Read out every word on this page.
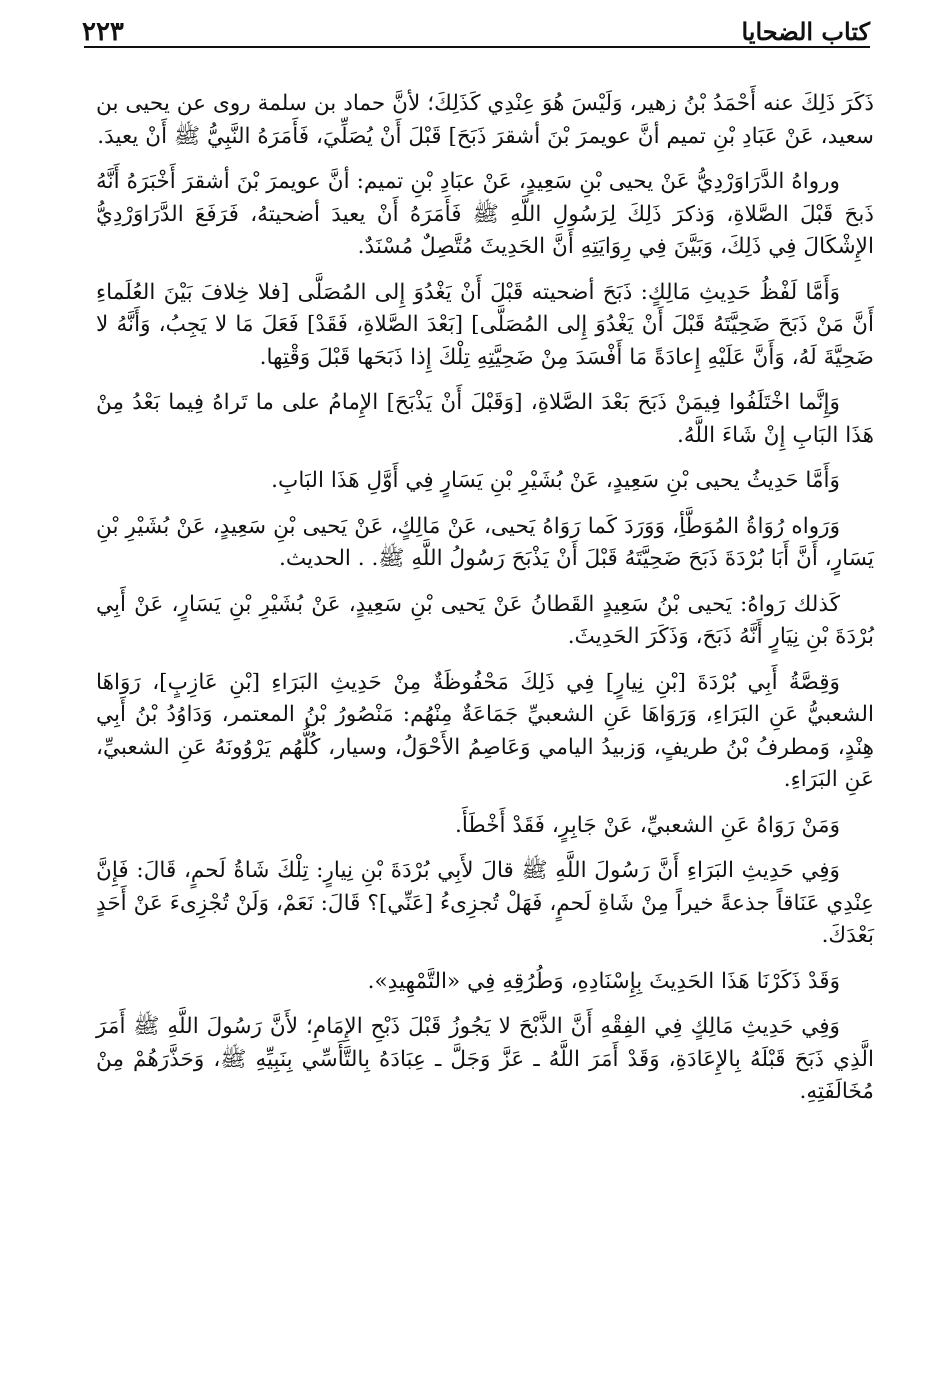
كتاب الضحايا
٢٢٣

ذَكَرَ ذَلِكَ عنه أَحْمَدُ بْنُ زهير، وَلَيْسَ هُوَ عِنْدِي كَذَلِكَ؛ لأنَّ حماد بن سلمة روى عن يحيى بن سعيد، عَنْ عَبَادِ بْنِ تميم أنَّ عويمرَ بْنَ أشقرَ ذَبَحَ] قَبْلَ أَنْ يُصَلِّيَ، فَأَمَرَهُ النَّبِيُّ ﷺ أَنْ يعيدَ.

ورواهُ الدَّرَاوَرْدِيُّ عَنْ يحيى بْنِ سَعِيدٍ، عَنْ عبَادِ بْنِ تميم: أنَّ عويمرَ بْنَ أشقرَ أَخْبَرَهُ أَنَّهُ ذَبحَ قَبْلَ الصَّلاةِ، وَذكرَ ذَلِكَ لِرَسُولِ اللَّهِ ﷺ فَأَمَرَهُ أَنْ يعيدَ أضحيتهُ، فَرَفَعَ الدَّرَاوَرْدِيُّ الإِشْكَالَ فِي ذَلِكَ، وَبَيَّنَ فِي رِوَايَتِهِ أَنَّ الحَدِيثَ مُتَّصِلٌ مُسْنَدٌ.

وَأَمَّا لَفْظُ حَدِيثِ مَالِكٍ: ذَبَحَ أضحيته قَبْلَ أَنْ يَغْدُوَ إِلى المُصَلَّى [فلا خِلافَ بَيْنَ العُلَماءِ أَنَّ مَنْ ذَبَحَ ضَحِيَّتَهُ قَبْلَ أَنْ يَغْدُوَ إِلى المُصَلَّى] [بَعْدَ الصَّلاةِ، فَقَدْ] فَعَلَ مَا لا يَجِبُ، وَأَنَّهُ لا ضَحِيَّةَ لَهُ، وَأَنَّ عَلَيْهِ إِعادَةً مَا أَفْسَدَ مِنْ ضَحِيَّتِهِ تِلْكَ إِذا ذَبَحَها قَبْلَ وَقْتِها.

وَإِنَّما اخْتَلَفُوا فِيمَنْ ذَبَحَ بَعْدَ الصَّلاةِ، [وَقَبْلَ أَنْ يَذْبَحَ] الإِمامُ على ما تَراهُ فِيما بَعْدُ مِنْ هَذَا البَابِ إِنْ شَاءَ اللَّهُ.

وَأَمَّا حَدِيثُ يحيى بْنِ سَعِيدٍ، عَنْ بُشَيْرِ بْنِ يَسَارٍ فِي أَوَّلِ هَذَا البَابِ.

وَرَواه رُوَاةُ المُوَطَّأِ، وَوَرَدَ كَما رَوَاهُ يَحيى، عَنْ مَالِكٍ، عَنْ يَحيى بْنِ سَعِيدٍ، عَنْ بُشَيْرِ بْنِ يَسَارٍ، أَنَّ أَبَا بُرْدَةَ ذَبَحَ ضَحِيَّتَهُ قَبْلَ أَنْ يَذْبَحَ رَسُولُ اللَّهِ ﷺ. . الحديث.

كَذلك رَواهُ: يَحيى بْنُ سَعِيدٍ القَطانُ عَنْ يَحيى بْنِ سَعِيدٍ، عَنْ بُشَيْرِ بْنِ يَسَارٍ، عَنْ أَبِي بُرْدَةَ بْنِ نِيَارٍ أَنَّهُ ذَبَحَ، وَذَكَرَ الحَدِيثَ.

وَقِصَّةُ أَبِي بُرْدَةَ [بْنِ نِيارٍ] فِي ذَلِكَ مَحْفُوظَةٌ مِنْ حَدِيثِ البَرَاءِ [بْنِ عَازِبٍ]، رَوَاهَا الشعبيُّ عَنِ البَرَاءِ، وَرَوَاهَا عَنِ الشعبيِّ جَمَاعَةٌ مِنْهُم: مَنْصُورُ بْنُ المعتمر، وَدَاوُدُ بْنُ أَبِي هِنْدٍ، وَمطرفُ بْنُ طريفٍ، وَزبيدُ اليامي وَعَاصِمُ الأَحْوَلُ، وسيار، كُلُّهُم يَرْوُونَهُ عَنِ الشعبيِّ، عَنِ البَرَاءِ.

وَمَنْ رَوَاهُ عَنِ الشعبيِّ، عَنْ جَابِرٍ، فَقَدْ أَخْطَأَ.

وَفِي حَدِيثِ البَرَاءِ أَنَّ رَسُولَ اللَّهِ ﷺ قالَ لأَبِي بُرْدَةَ بْنِ نِيارٍ: تِلْكَ شَاةُ لَحمٍ، قَالَ: فَإِنَّ عِنْدِي عَنَاقاً جذعةً خيراً مِنْ شَاةِ لَحمٍ، فَهَلْ تُجزِىءُ [عَنِّي]؟ قَالَ: نَعَمْ، وَلَنْ تُجْزِىءَ عَنْ أَحَدٍ بَعْدَكَ.

وَقَدْ ذَكَرْنَا هَذَا الحَدِيثَ بِإِسْنَادِهِ، وَطُرُقِهِ فِي «التَّمْهِيدِ».

وَفِي حَدِيثِ مَالِكٍ فِي الفِقْهِ أَنَّ الذَّبْحَ لا يَجُوزُ قَبْلَ ذَبْحِ الإِمَامِ؛ لأَنَّ رَسُولَ اللَّهِ ﷺ أَمَرَ الَّذِي ذَبَحَ قَبْلَهُ بِالإِعَادَةِ، وَقَدْ أَمَرَ اللَّهُ ـ عَزَّ وَجَلَّ ـ عِبَادَهُ بِالتَّأَسِّي بِنَبِيِّهِ ﷺ، وَحَذَّرَهُمْ مِنْ مُخَالَفَتِهِ.
